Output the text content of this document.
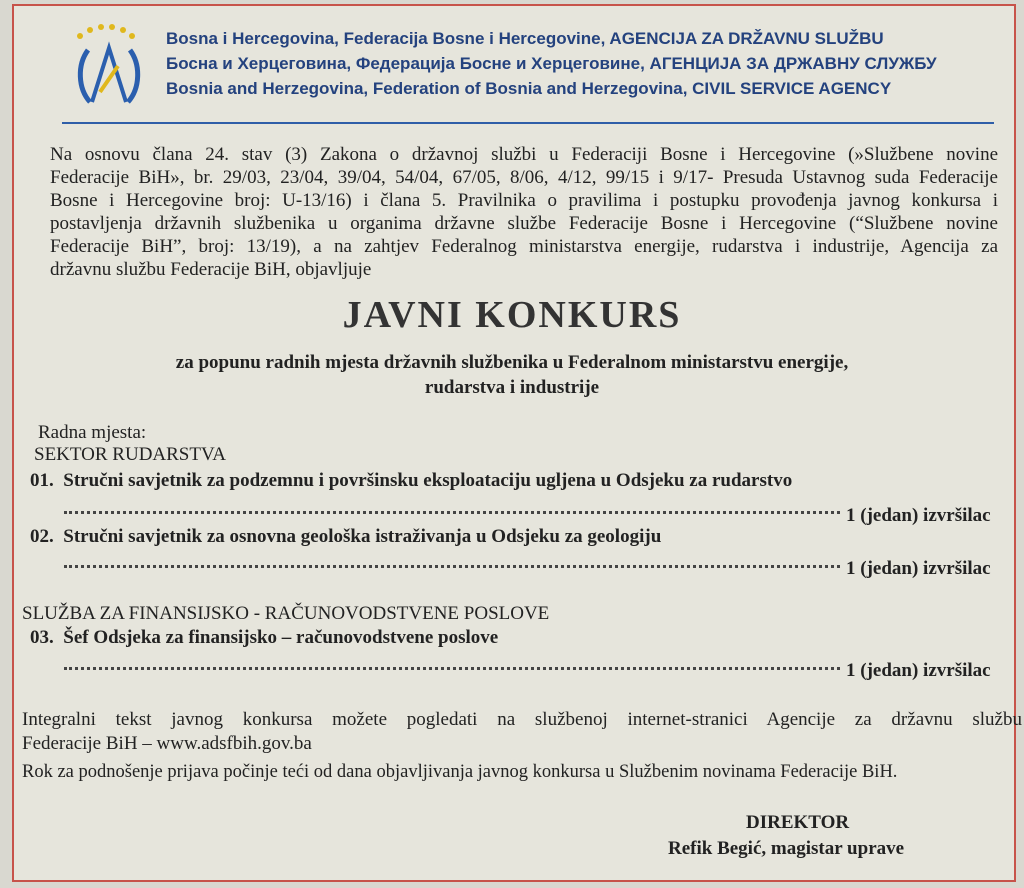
Bosna i Hercegovina, Federacija Bosne i Hercegovine, AGENCIJA ZA DRŽAVNU SLUŽBU
Босна и Херцеговина, Федерација Босне и Херцеговине, АГЕНЦИЈА ЗА ДРЖАВНУ СЛУЖБУ
Bosnia and Herzegovina, Federation of Bosnia and Herzegovina, CIVIL SERVICE AGENCY
Na osnovu člana 24. stav (3) Zakona o državnoj službi u Federaciji Bosne i Hercegovine (»Službene novine
Federacije BiH», br. 29/03, 23/04, 39/04, 54/04, 67/05, 8/06, 4/12, 99/15 i 9/17- Presuda Ustavnog suda Federacije
Bosne i Hercegovine broj: U-13/16) i člana 5. Pravilnika o pravilima i postupku provođenja javnog konkursa i
postavljenja državnih službenika u organima državne službe Federacije Bosne i Hercegovine (“Službene novine
Federacije BiH”, broj: 13/19), a na zahtjev Federalnog ministarstva energije, rudarstva i industrije, Agencija za
državnu službu Federacije BiH, objavljuje
JAVNI KONKURS
za popunu radnih mjesta državnih službenika u Federalnom ministarstvu energije,
rudarstva i industrije
Radna mjesta:
SEKTOR RUDARSTVA
01. Stručni savjetnik za podzemnu i površinsku eksploataciju ugljena u Odsjeku za rudarstvo
1 (jedan) izvršilac
02. Stručni savjetnik za osnovna geološka istraživanja u Odsjeku za geologiju
1 (jedan) izvršilac
SLUŽBA ZA FINANSIJSKO - RAČUNOVODSTVENE POSLOVE
03. Šef Odsjeka za finansijsko – računovodstvene poslove
1 (jedan) izvršilac
Integralni tekst javnog konkursa možete pogledati na službenoj internet-stranici Agencije za državnu službu
Federacije BiH – www.adsfbih.gov.ba
Rok za podnošenje prijava počinje teći od dana objavljivanja javnog konkursa u Službenim novinama Federacije BiH.
DIREKTOR
Refik Begić, magistar uprave
